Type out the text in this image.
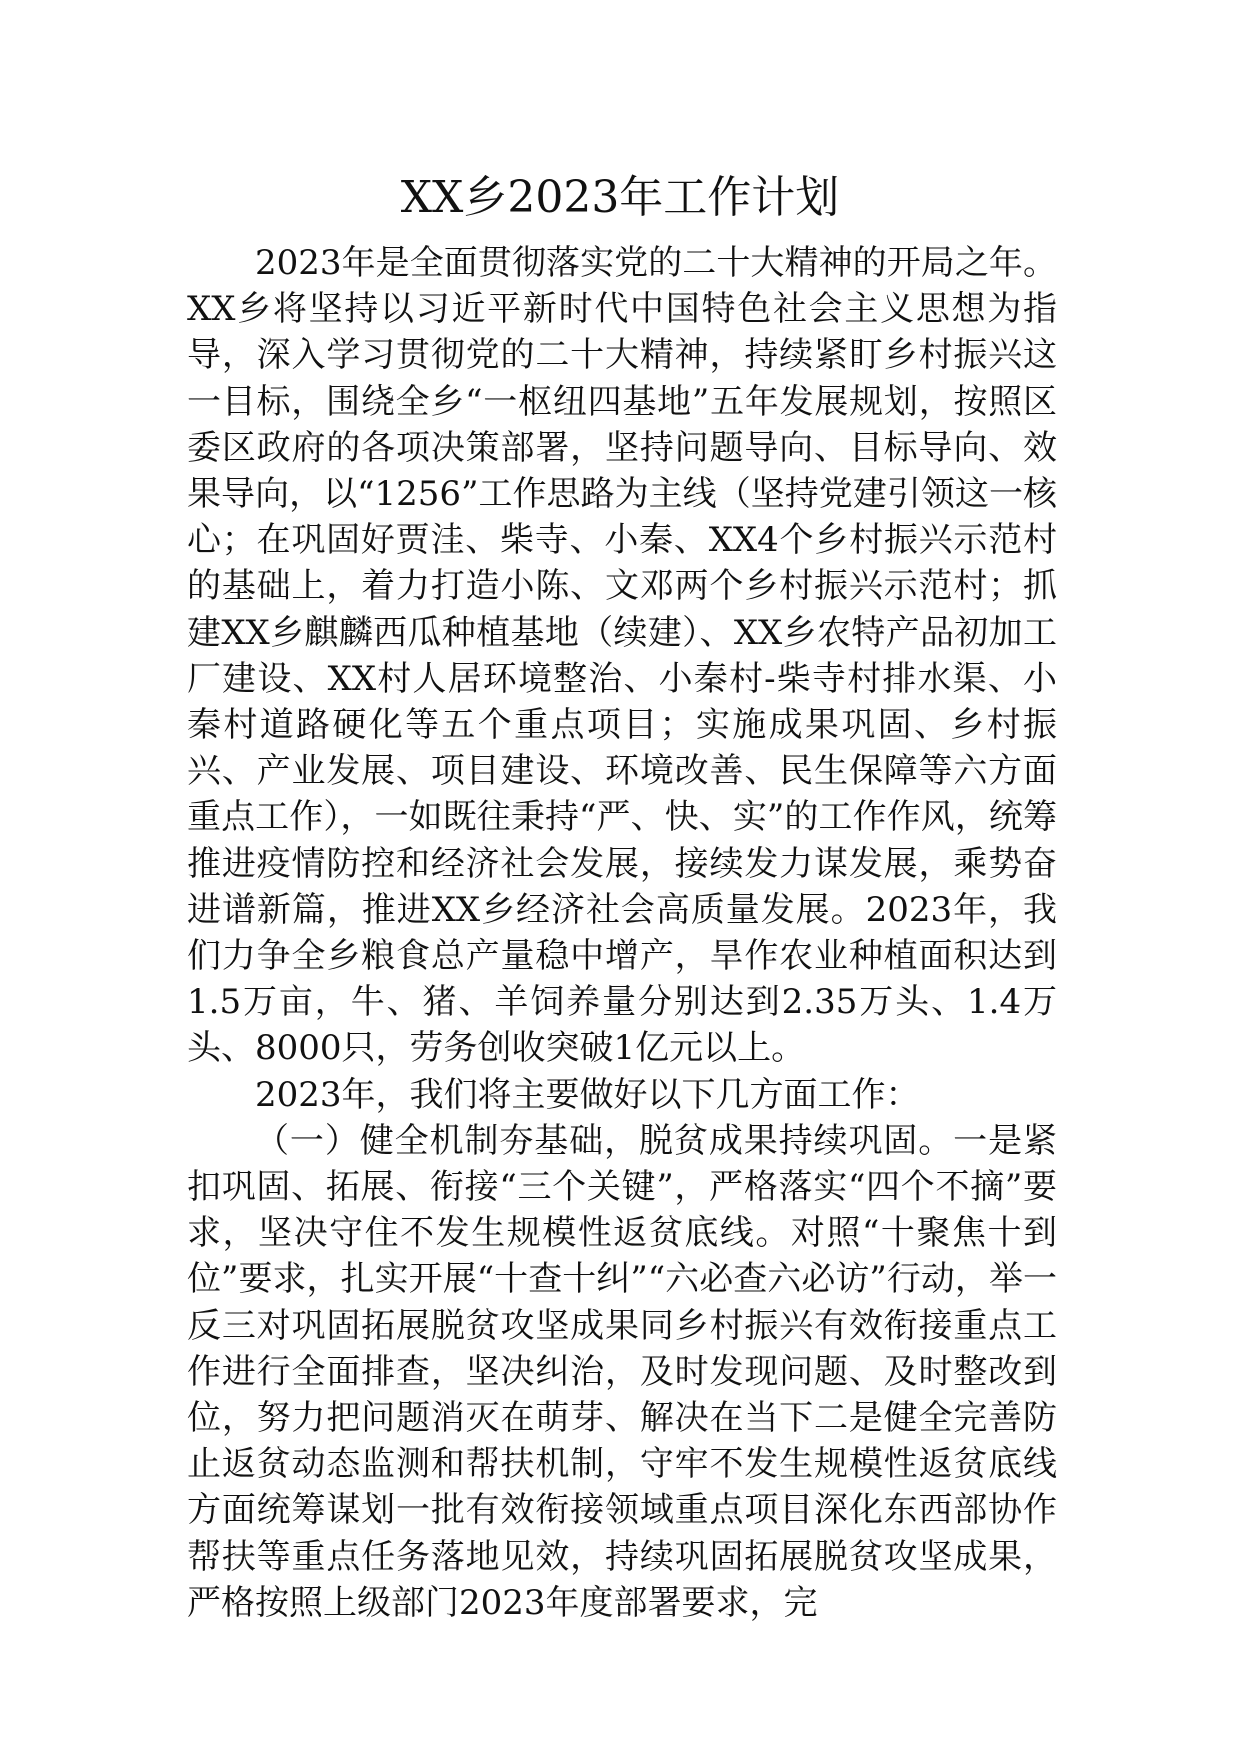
XX乡2023年工作计划

2023年是全面贯彻落实党的二十大精神的开局之年。XX乡将坚持以习近平新时代中国特色社会主义思想为指导，深入学习贯彻党的二十大精神，持续紧盯乡村振兴这一目标，围绕全乡“一枢纽四基地”五年发展规划，按照区委区政府的各项决策部署，坚持问题导向、目标导向、效果导向，以“1256”工作思路为主线（坚持党建引领这一核心；在巩固好贾洼、柴寺、小秦、XX4个乡村振兴示范村的基础上，着力打造小陈、文邓两个乡村振兴示范村；抓建XX乡麒麟西瓜种植基地（续建）、XX乡农特产品初加工厂建设、XX村人居环境整治、小秦村-柴寺村排水渠、小秦村道路硬化等五个重点项目；实施成果巩固、乡村振兴、产业发展、项目建设、环境改善、民生保障等六方面重点工作），一如既往秉持“严、快、实”的工作作风，统筹推进疫情防控和经济社会发展，接续发力谋发展，乘势奋进谱新篇，推进XX乡经济社会高质量发展。2023年，我们力争全乡粮食总产量稳中增产，旱作农业种植面积达到1.5万亩，牛、猪、羊饲养量分别达到2.35万头、1.4万头、8000只，劳务创收突破1亿元以上。

2023年，我们将主要做好以下几方面工作：

（一）健全机制夯基础，脱贫成果持续巩固。一是紧扣巩固、拓展、衔接“三个关键”，严格落实“四个不摘”要求，坚决守住不发生规模性返贫底线。对照“十聚焦十到位”要求，扎实开展“十查十纠”“六必查六必访”行动，举一反三对巩固拓展脱贫攻坚成果同乡村振兴有效衔接重点工作进行全面排查，坚决纠治，及时发现问题、及时整改到位，努力把问题消灭在萌芽、解决在当下二是健全完善防止返贫动态监测和帮扶机制，守牢不发生规模性返贫底线方面统筹谋划一批有效衔接领域重点项目深化东西部协作帮扶等重点任务落地见效，持续巩固拓展脱贫攻坚成果，严格按照上级部门2023年度部署要求，完
